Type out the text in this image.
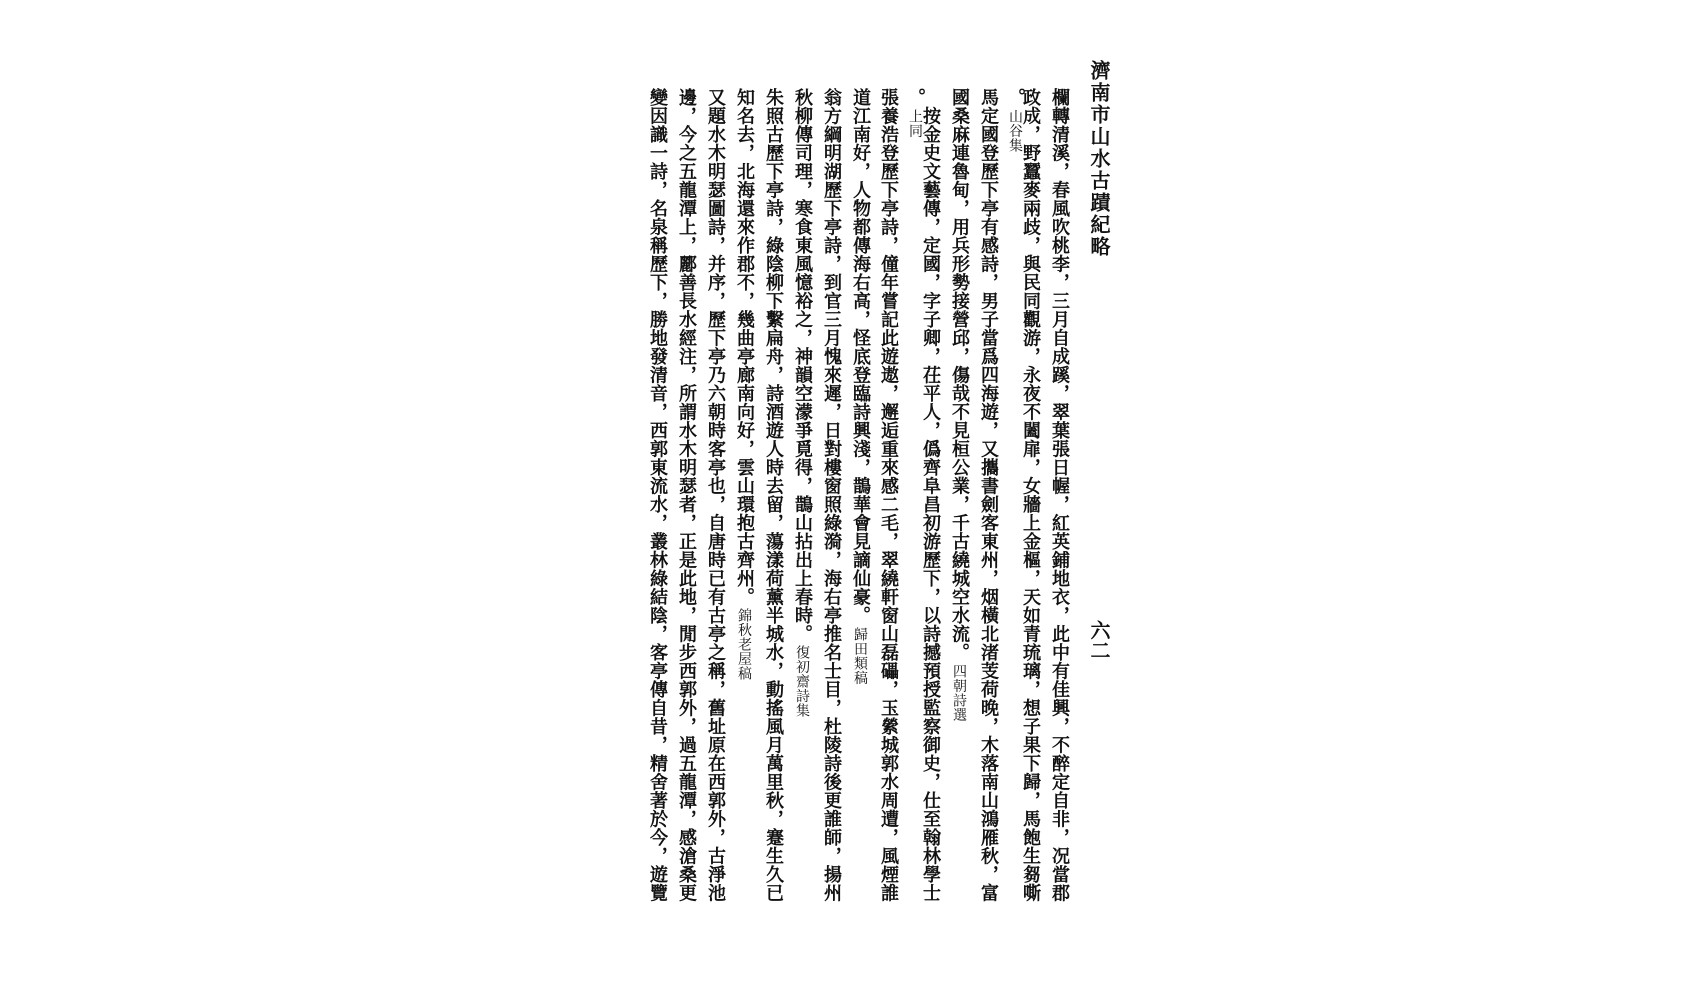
濟南市山水古蹟紀略
六二
欄轉清溪，春風吹桃李，三月自成蹊，翠葉張日幄，紅英鋪地衣，此中有佳興，不醉定自非，况當郡
政成，野蠶麥兩歧，與民同觀游，永夜不闔扉，女牆上金樞，天如青琉璃，想子果下歸，馬飽生芻嘶
。山谷集
馬定國登歷下亭有感詩，男子當爲四海遊，又攜書劍客東州，烟橫北渚芰荷晚，木落南山鴻雁秋，富
國桑麻連魯甸，用兵形勢接營邱，傷哉不見桓公業，千古繞城空水流。四朝詩選
　按金史文藝傳，定國，字子卿，茌平人，僞齊阜昌初游歷下，以詩撼預授監察御史，仕至翰林學士
。上同
張養浩登歷下亭詩，僮年嘗記此遊遨，邂逅重來感二毛，翠繞軒窗山磊礧，玉縈城郭水周遭，風煙誰
道江南好，人物都傳海右高，怪底登臨詩興淺，鵲華會見謫仙豪。歸田類稿
翁方綱明湖歷下亭詩，到官三月愧來遲，日對樓窗照綠漪，海右亭推名士目，杜陵詩後更誰師，揚州
秋柳傳司理，寒食東風憶裕之，神韻空濛爭覓得，鵲山拈出上春時。復初齋詩集
朱照古歷下亭詩，綠陰柳下繫扁舟，詩酒遊人時去留，蕩漾荷薰半城水，動搖風月萬里秋，蹇生久已
知名去，北海還來作郡不，幾曲亭廊南向好，雲山環抱古齊州。錦秋老屋稿
又題水木明瑟圖詩，并序，歷下亭乃六朝時客亭也，自唐時已有古亭之稱，舊址原在西郭外，古淨池
邊，今之五龍潭上，酈善長水經注，所謂水木明瑟者，正是此地，閒步西郭外，過五龍潭，感滄桑更
變因識一詩，名泉稱歷下，勝地發清音，西郭東流水，叢林綠結陰，客亭傳自昔，精舍著於今，遊覽
